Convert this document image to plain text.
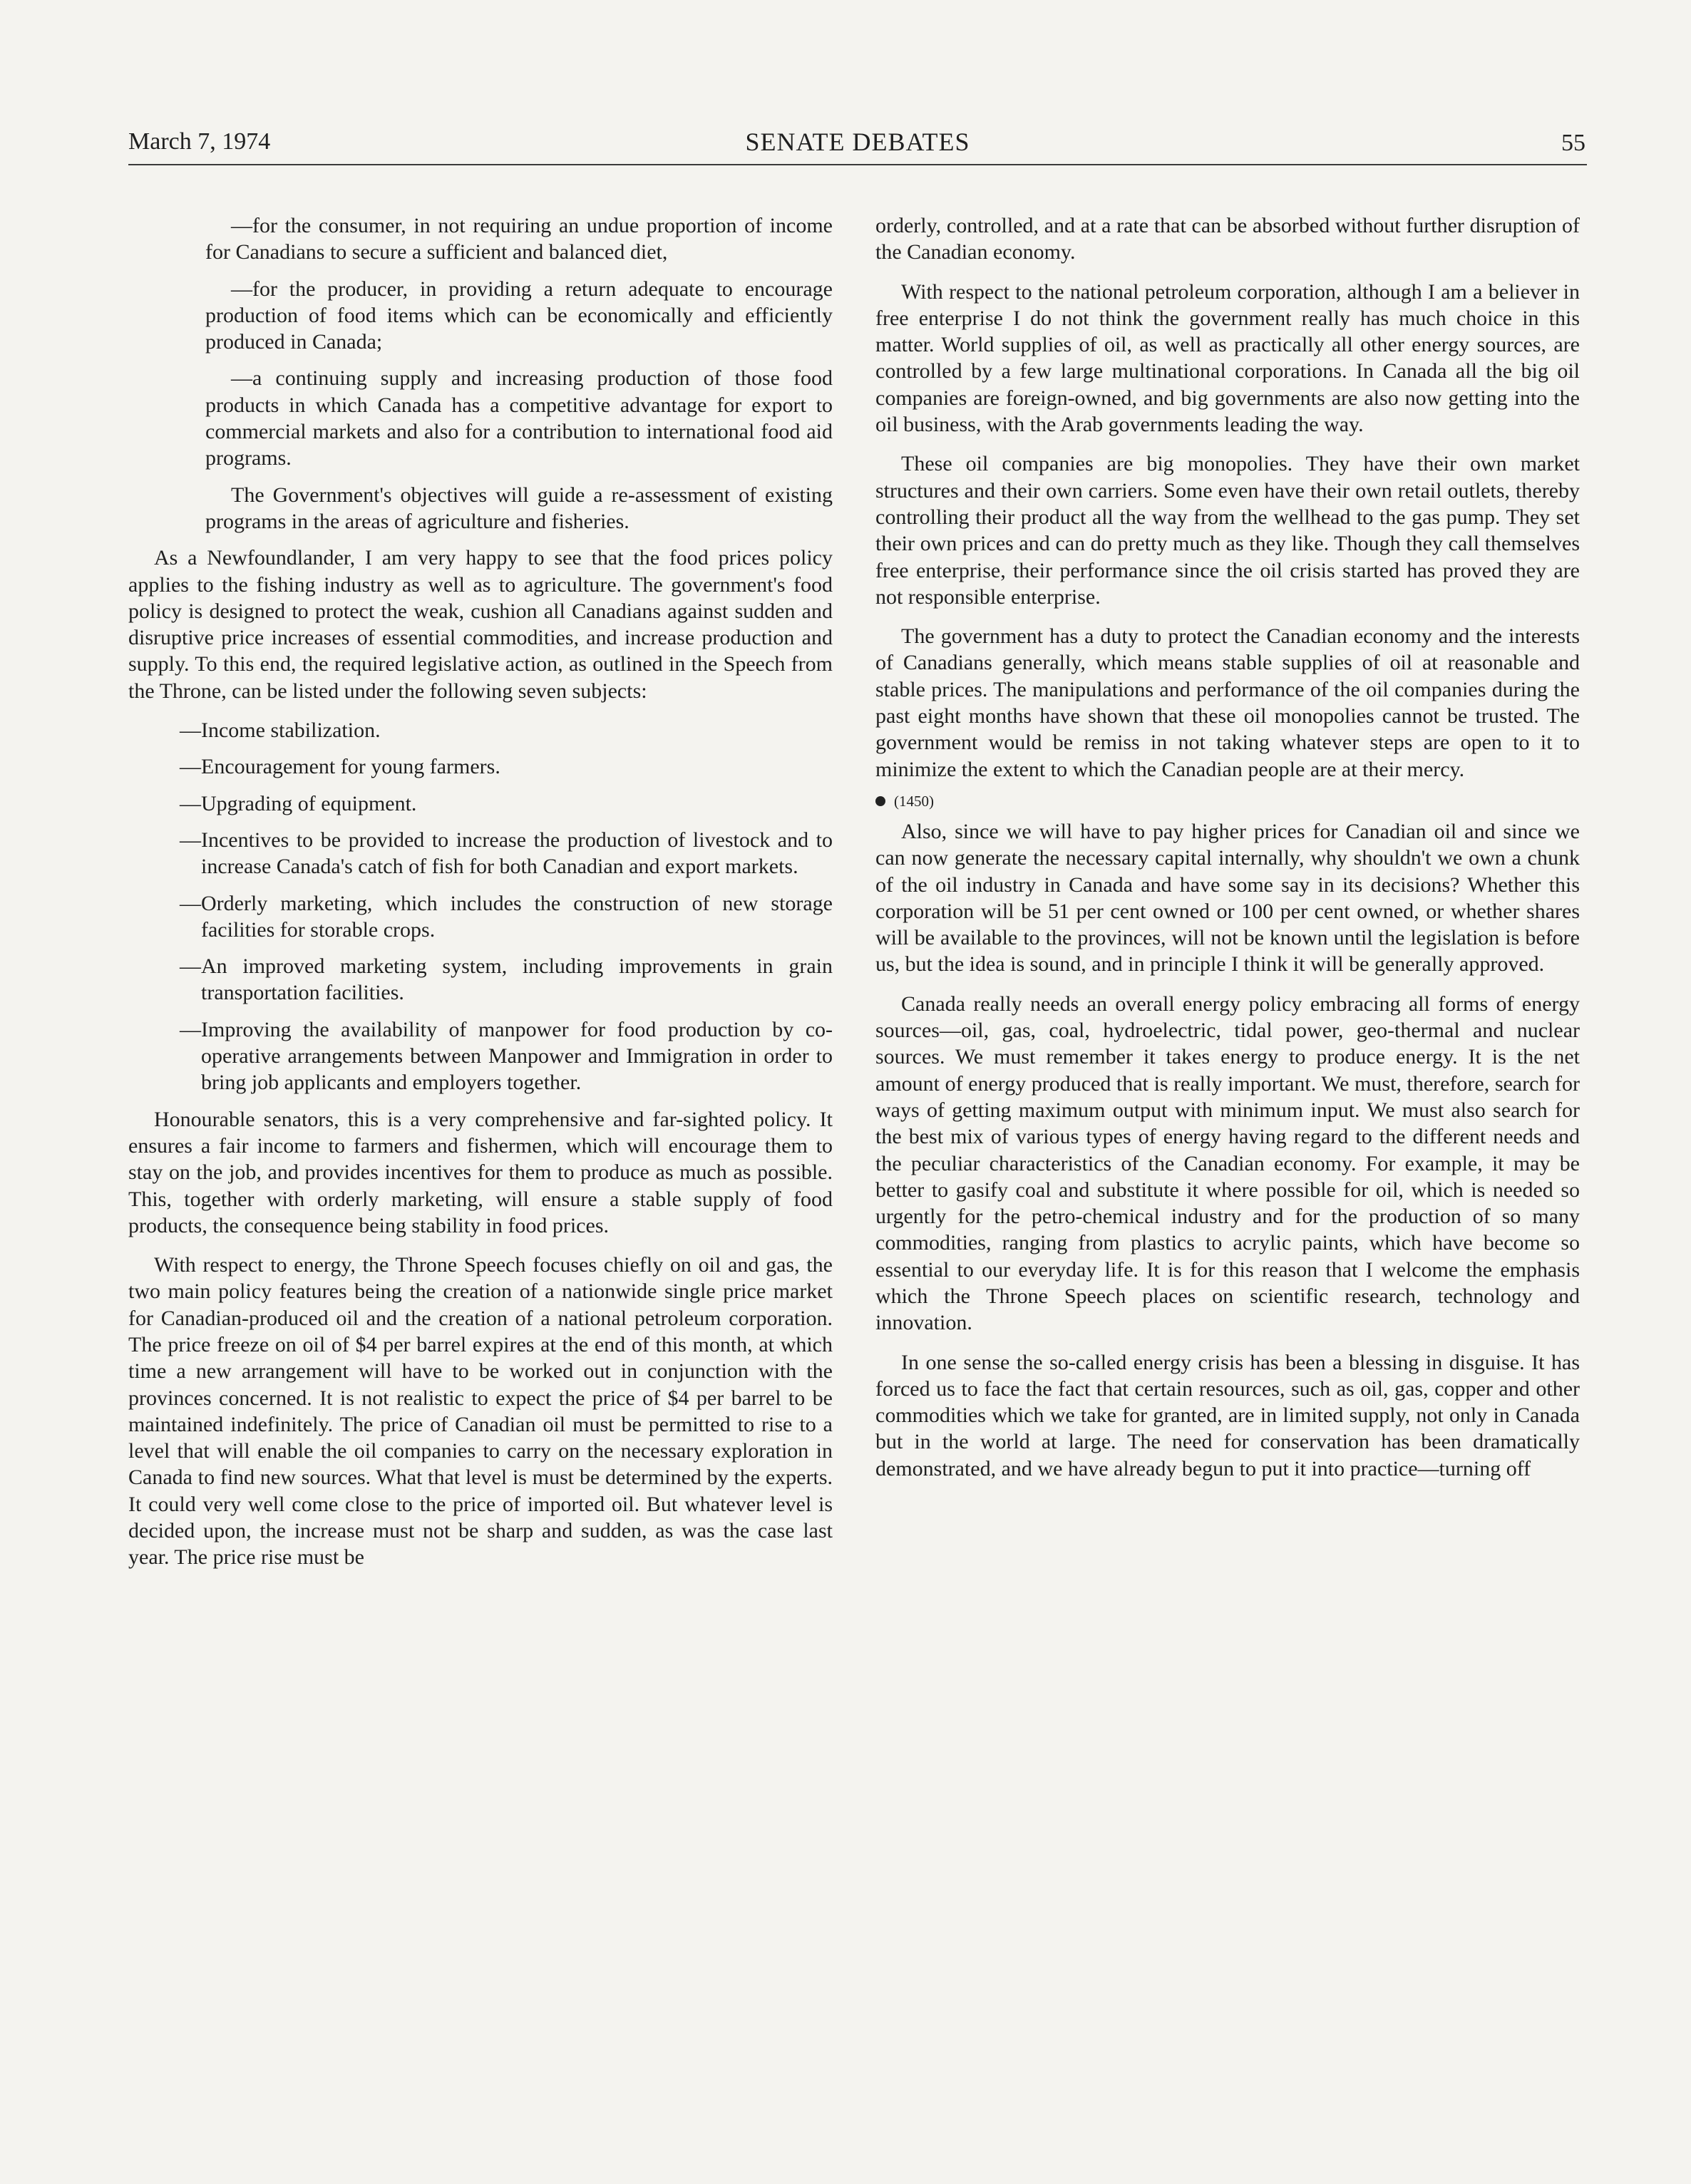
March 7, 1974	SENATE DEBATES	55

—for the consumer, in not requiring an undue proportion of income for Canadians to secure a sufficient and balanced diet,

—for the producer, in providing a return adequate to encourage production of food items which can be economically and efficiently produced in Canada;

—a continuing supply and increasing production of those food products in which Canada has a competitive advantage for export to commercial markets and also for a contribution to international food aid programs.

The Government's objectives will guide a re-assessment of existing programs in the areas of agriculture and fisheries.

As a Newfoundlander, I am very happy to see that the food prices policy applies to the fishing industry as well as to agriculture. The government's food policy is designed to protect the weak, cushion all Canadians against sudden and disruptive price increases of essential commodities, and increase production and supply. To this end, the required legislative action, as outlined in the Speech from the Throne, can be listed under the following seven subjects:

—Income stabilization.

—Encouragement for young farmers.

—Upgrading of equipment.

—Incentives to be provided to increase the production of livestock and to increase Canada's catch of fish for both Canadian and export markets.

—Orderly marketing, which includes the construction of new storage facilities for storable crops.

—An improved marketing system, including improvements in grain transportation facilities.

—Improving the availability of manpower for food production by co-operative arrangements between Manpower and Immigration in order to bring job applicants and employers together.

Honourable senators, this is a very comprehensive and far-sighted policy. It ensures a fair income to farmers and fishermen, which will encourage them to stay on the job, and provides incentives for them to produce as much as possible. This, together with orderly marketing, will ensure a stable supply of food products, the consequence being stability in food prices.

With respect to energy, the Throne Speech focuses chiefly on oil and gas, the two main policy features being the creation of a nationwide single price market for Canadian-produced oil and the creation of a national petroleum corporation. The price freeze on oil of $4 per barrel expires at the end of this month, at which time a new arrangement will have to be worked out in conjunction with the provinces concerned. It is not realistic to expect the price of $4 per barrel to be maintained indefinitely. The price of Canadian oil must be permitted to rise to a level that will enable the oil companies to carry on the necessary exploration in Canada to find new sources. What that level is must be determined by the experts. It could very well come close to the price of imported oil. But whatever level is decided upon, the increase must not be sharp and sudden, as was the case last year. The price rise must be

orderly, controlled, and at a rate that can be absorbed without further disruption of the Canadian economy.

With respect to the national petroleum corporation, although I am a believer in free enterprise I do not think the government really has much choice in this matter. World supplies of oil, as well as practically all other energy sources, are controlled by a few large multinational corporations. In Canada all the big oil companies are foreign-owned, and big governments are also now getting into the oil business, with the Arab governments leading the way.

These oil companies are big monopolies. They have their own market structures and their own carriers. Some even have their own retail outlets, thereby controlling their product all the way from the wellhead to the gas pump. They set their own prices and can do pretty much as they like. Though they call themselves free enterprise, their performance since the oil crisis started has proved they are not responsible enterprise.

The government has a duty to protect the Canadian economy and the interests of Canadians generally, which means stable supplies of oil at reasonable and stable prices. The manipulations and performance of the oil companies during the past eight months have shown that these oil monopolies cannot be trusted. The government would be remiss in not taking whatever steps are open to it to minimize the extent to which the Canadian people are at their mercy.

(1450)

Also, since we will have to pay higher prices for Canadian oil and since we can now generate the necessary capital internally, why shouldn't we own a chunk of the oil industry in Canada and have some say in its decisions? Whether this corporation will be 51 per cent owned or 100 per cent owned, or whether shares will be available to the provinces, will not be known until the legislation is before us, but the idea is sound, and in principle I think it will be generally approved.

Canada really needs an overall energy policy embracing all forms of energy sources—oil, gas, coal, hydroelectric, tidal power, geo-thermal and nuclear sources. We must remember it takes energy to produce energy. It is the net amount of energy produced that is really important. We must, therefore, search for ways of getting maximum output with minimum input. We must also search for the best mix of various types of energy having regard to the different needs and the peculiar characteristics of the Canadian economy. For example, it may be better to gasify coal and substitute it where possible for oil, which is needed so urgently for the petro-chemical industry and for the production of so many commodities, ranging from plastics to acrylic paints, which have become so essential to our everyday life. It is for this reason that I welcome the emphasis which the Throne Speech places on scientific research, technology and innovation.

In one sense the so-called energy crisis has been a blessing in disguise. It has forced us to face the fact that certain resources, such as oil, gas, copper and other commodities which we take for granted, are in limited supply, not only in Canada but in the world at large. The need for conservation has been dramatically demonstrated, and we have already begun to put it into practice—turning off
